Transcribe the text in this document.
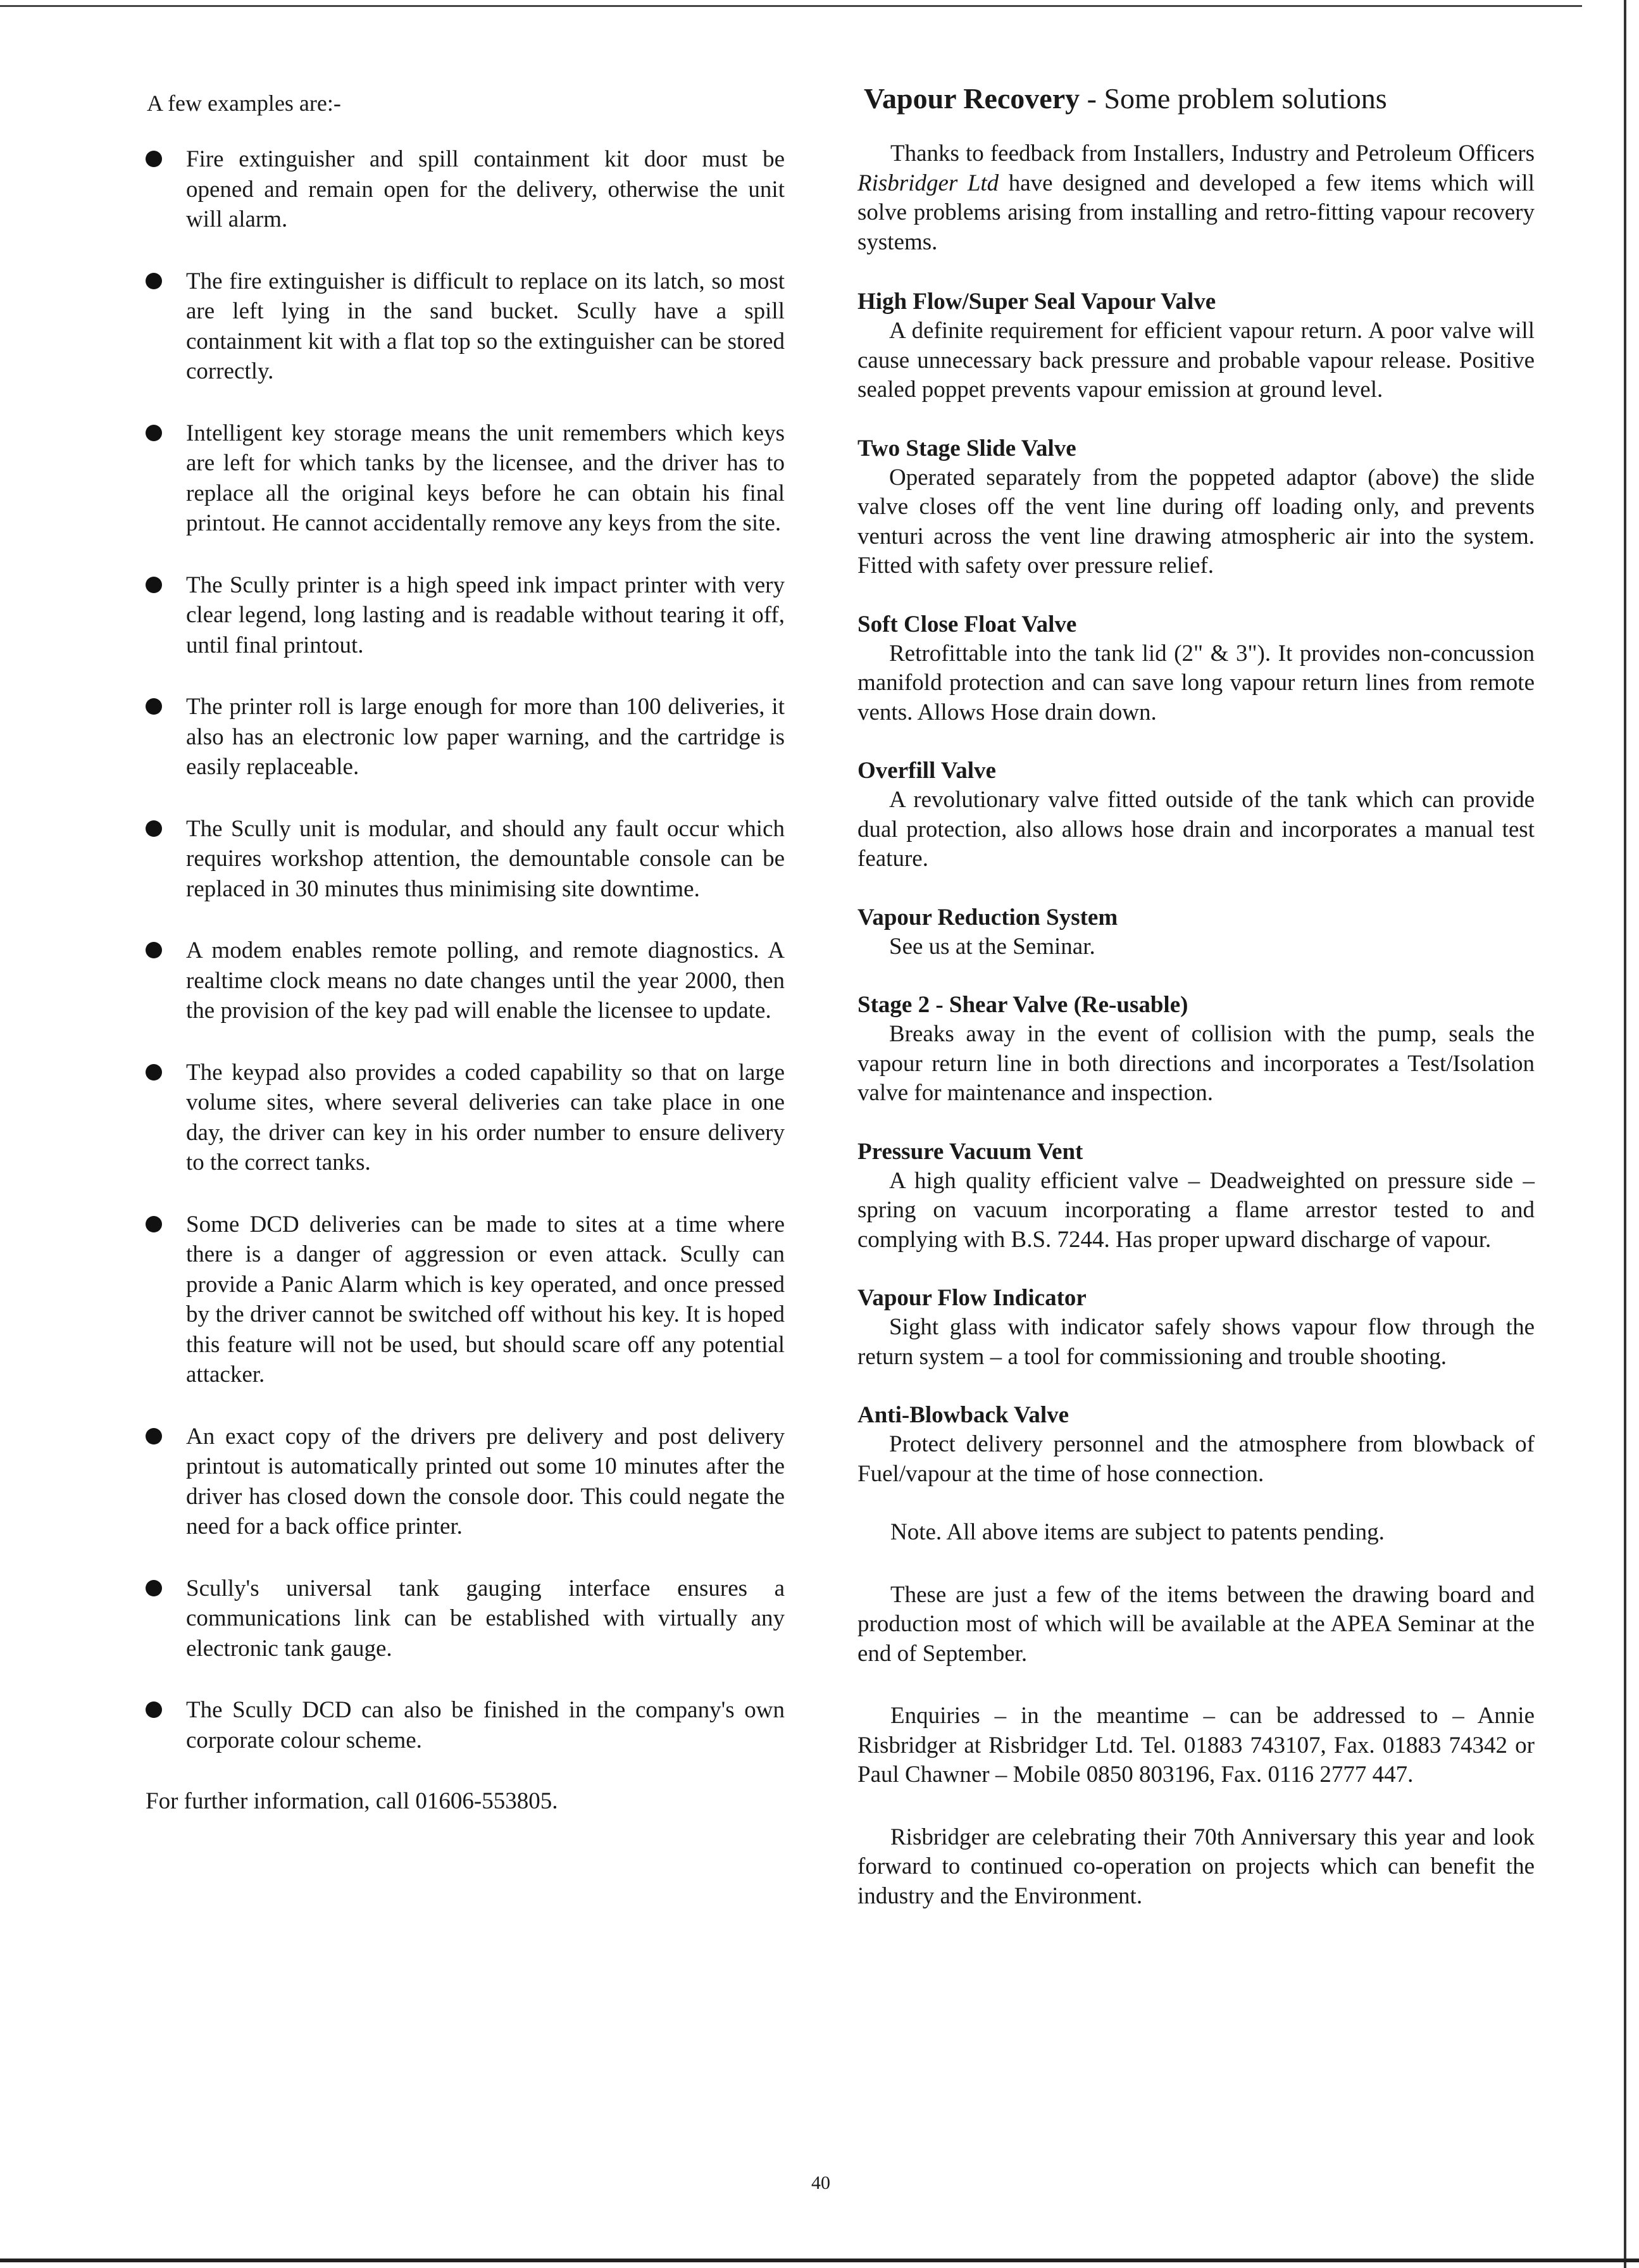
A few examples are:-

Fire extinguisher and spill containment kit door must be opened and remain open for the delivery, otherwise the unit will alarm.
The fire extinguisher is difficult to replace on its latch, so most are left lying in the sand bucket. Scully have a spill containment kit with a flat top so the extinguisher can be stored correctly.
Intelligent key storage means the unit remembers which keys are left for which tanks by the licensee, and the driver has to replace all the original keys before he can obtain his final printout. He cannot accidentally remove any keys from the site.
The Scully printer is a high speed ink impact printer with very clear legend, long lasting and is readable without tearing it off, until final printout.
The printer roll is large enough for more than 100 deliveries, it also has an electronic low paper warning, and the cartridge is easily replaceable.
The Scully unit is modular, and should any fault occur which requires workshop attention, the demountable console can be replaced in 30 minutes thus minimising site downtime.
A modem enables remote polling, and remote diagnostics. A realtime clock means no date changes until the year 2000, then the provision of the key pad will enable the licensee to update.
The keypad also provides a coded capability so that on large volume sites, where several deliveries can take place in one day, the driver can key in his order number to ensure delivery to the correct tanks.
Some DCD deliveries can be made to sites at a time where there is a danger of aggression or even attack. Scully can provide a Panic Alarm which is key operated, and once pressed by the driver cannot be switched off without his key. It is hoped this feature will not be used, but should scare off any potential attacker.
An exact copy of the drivers pre delivery and post delivery printout is automatically printed out some 10 minutes after the driver has closed down the console door. This could negate the need for a back office printer.
Scully's universal tank gauging interface ensures a communications link can be established with virtually any electronic tank gauge.
The Scully DCD can also be finished in the company's own corporate colour scheme.

For further information, call 01606-553805.

Vapour Recovery - Some problem solutions

Thanks to feedback from Installers, Industry and Petroleum Officers Risbridger Ltd have designed and developed a few items which will solve problems arising from installing and retro-fitting vapour recovery systems.

High Flow/Super Seal Vapour Valve

A definite requirement for efficient vapour return. A poor valve will cause unnecessary back pressure and probable vapour release. Positive sealed poppet prevents vapour emission at ground level.

Two Stage Slide Valve

Operated separately from the poppeted adaptor (above) the slide valve closes off the vent line during off loading only, and prevents venturi across the vent line drawing atmospheric air into the system. Fitted with safety over pressure relief.

Soft Close Float Valve

Retrofittable into the tank lid (2" & 3"). It provides non-concussion manifold protection and can save long vapour return lines from remote vents. Allows Hose drain down.

Overfill Valve

A revolutionary valve fitted outside of the tank which can provide dual protection, also allows hose drain and incorporates a manual test feature.

Vapour Reduction System

See us at the Seminar.

Stage 2 - Shear Valve (Re-usable)

Breaks away in the event of collision with the pump, seals the vapour return line in both directions and incorporates a Test/Isolation valve for maintenance and inspection.

Pressure Vacuum Vent

A high quality efficient valve – Deadweighted on pressure side – spring on vacuum incorporating a flame arrestor tested to and complying with B.S. 7244. Has proper upward discharge of vapour.

Vapour Flow Indicator

Sight glass with indicator safely shows vapour flow through the return system – a tool for commissioning and trouble shooting.

Anti-Blowback Valve

Protect delivery personnel and the atmosphere from blowback of Fuel/vapour at the time of hose connection.

Note. All above items are subject to patents pending.

These are just a few of the items between the drawing board and production most of which will be available at the APEA Seminar at the end of September.

Enquiries – in the meantime – can be addressed to – Annie Risbridger at Risbridger Ltd. Tel. 01883 743107, Fax. 01883 74342 or Paul Chawner – Mobile 0850 803196, Fax. 0116 2777 447.

Risbridger are celebrating their 70th Anniversary this year and look forward to continued co-operation on projects which can benefit the industry and the Environment.

40
